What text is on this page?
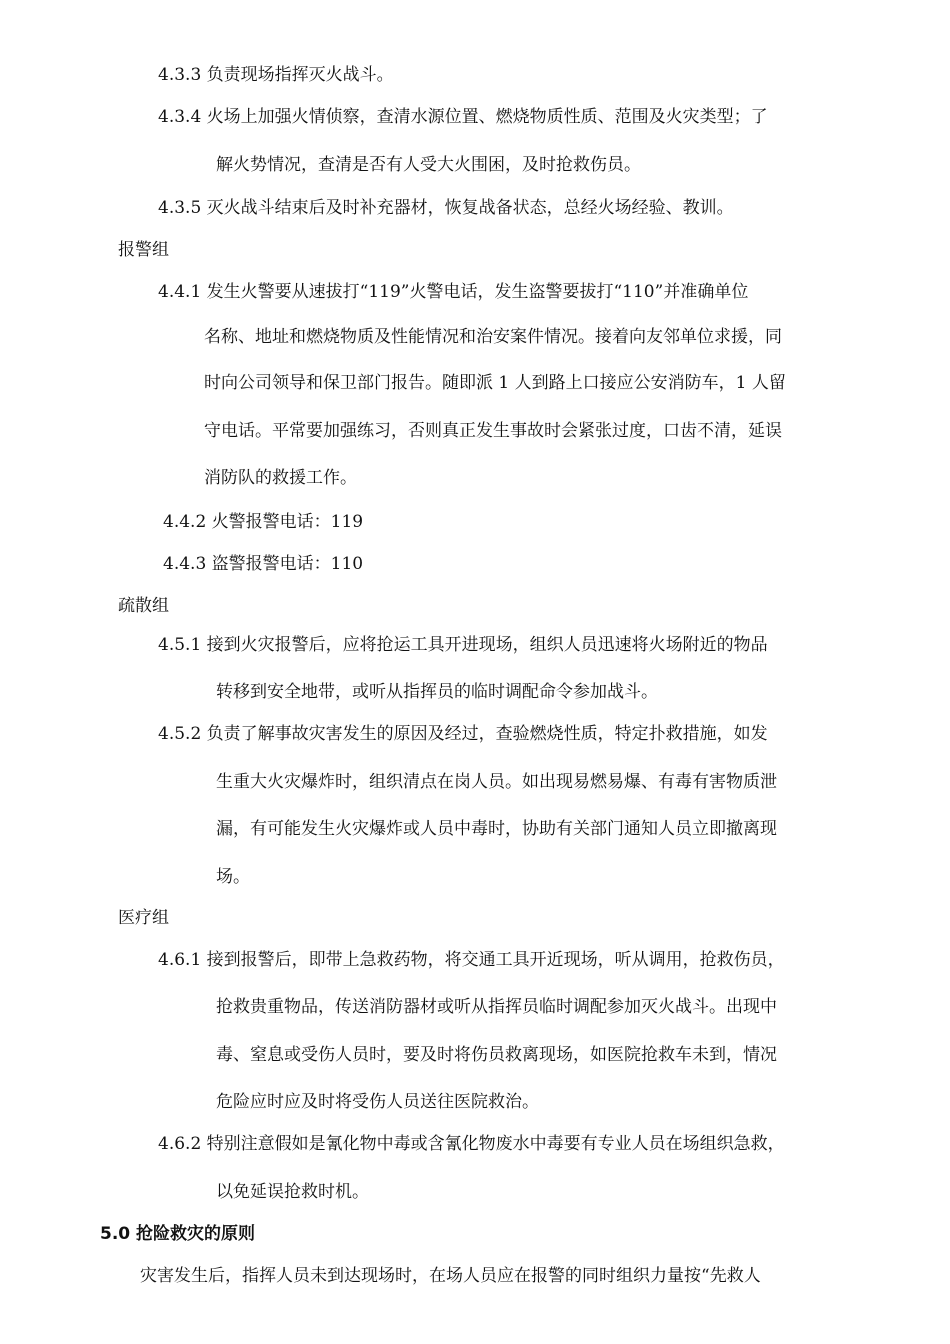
4.3.3 负责现场指挥灭火战斗。
4.3.4 火场上加强火情侦察，查清水源位置、燃烧物质性质、范围及火灾类型；了
解火势情况，查清是否有人受大火围困，及时抢救伤员。
4.3.5 灭火战斗结束后及时补充器材，恢复战备状态，总经火场经验、教训。
报警组
4.4.1 发生火警要从速拔打“119”火警电话，发生盗警要拔打“110”并准确单位
名称、地址和燃烧物质及性能情况和治安案件情况。接着向友邻单位求援，同
时向公司领导和保卫部门报告。随即派 1 人到路上口接应公安消防车，1 人留
守电话。平常要加强练习，否则真正发生事故时会紧张过度，口齿不清，延误
消防队的救援工作。
4.4.2 火警报警电话：119
4.4.3 盗警报警电话：110
疏散组
4.5.1 接到火灾报警后，应将抢运工具开进现场，组织人员迅速将火场附近的物品
转移到安全地带，或听从指挥员的临时调配命令参加战斗。
4.5.2 负责了解事故灾害发生的原因及经过，查验燃烧性质，特定扑救措施，如发
生重大火灾爆炸时，组织清点在岗人员。如出现易燃易爆、有毒有害物质泄
漏，有可能发生火灾爆炸或人员中毒时，协助有关部门通知人员立即撤离现
场。
医疗组
4.6.1 接到报警后，即带上急救药物，将交通工具开近现场，听从调用，抢救伤员，
抢救贵重物品，传送消防器材或听从指挥员临时调配参加灭火战斗。出现中
毒、窒息或受伤人员时，要及时将伤员救离现场，如医院抢救车未到，情况
危险应时应及时将受伤人员送往医院救治。
4.6.2 特别注意假如是氰化物中毒或含氰化物废水中毒要有专业人员在场组织急救，
以免延误抢救时机。
5.0 抢险救灾的原则
灾害发生后，指挥人员未到达现场时，在场人员应在报警的同时组织力量按“先救人
